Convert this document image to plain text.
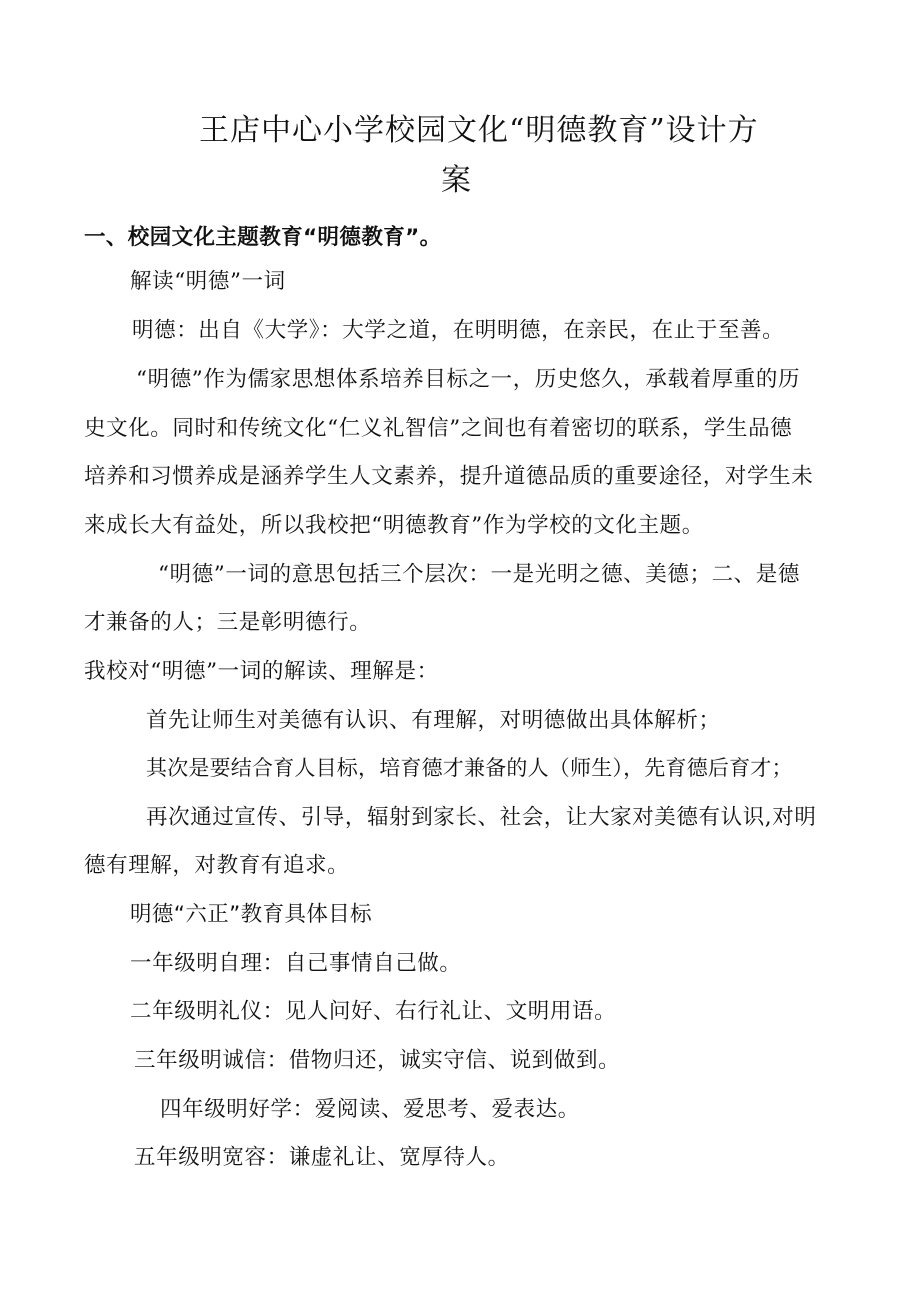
王店中心小学校园文化“明德教育”设计方
案
一、校园文化主题教育“明德教育”。
解读“明德”一词
明德：出自《大学》：大学之道，在明明德，在亲民，在止于至善。
“明德”作为儒家思想体系培养目标之一，历史悠久，承载着厚重的历
史文化。同时和传统文化“仁义礼智信”之间也有着密切的联系，学生品德
培养和习惯养成是涵养学生人文素养，提升道德品质的重要途径，对学生未
来成长大有益处，所以我校把“明德教育”作为学校的文化主题。
“明德”一词的意思包括三个层次：一是光明之德、美德；二、是德
才兼备的人；三是彰明德行。
我校对“明德”一词的解读、理解是：
首先让师生对美德有认识、有理解，对明德做出具体解析；
其次是要结合育人目标，培育德才兼备的人（师生），先育德后育才；
再次通过宣传、引导，辐射到家长、社会，让大家对美德有认识,对明
德有理解，对教育有追求。
明德“六正”教育具体目标
一年级明自理：自己事情自己做。
二年级明礼仪：见人问好、右行礼让、文明用语。
三年级明诚信：借物归还，诚实守信、说到做到。
四年级明好学：爱阅读、爱思考、爱表达。
五年级明宽容：谦虚礼让、宽厚待人。
